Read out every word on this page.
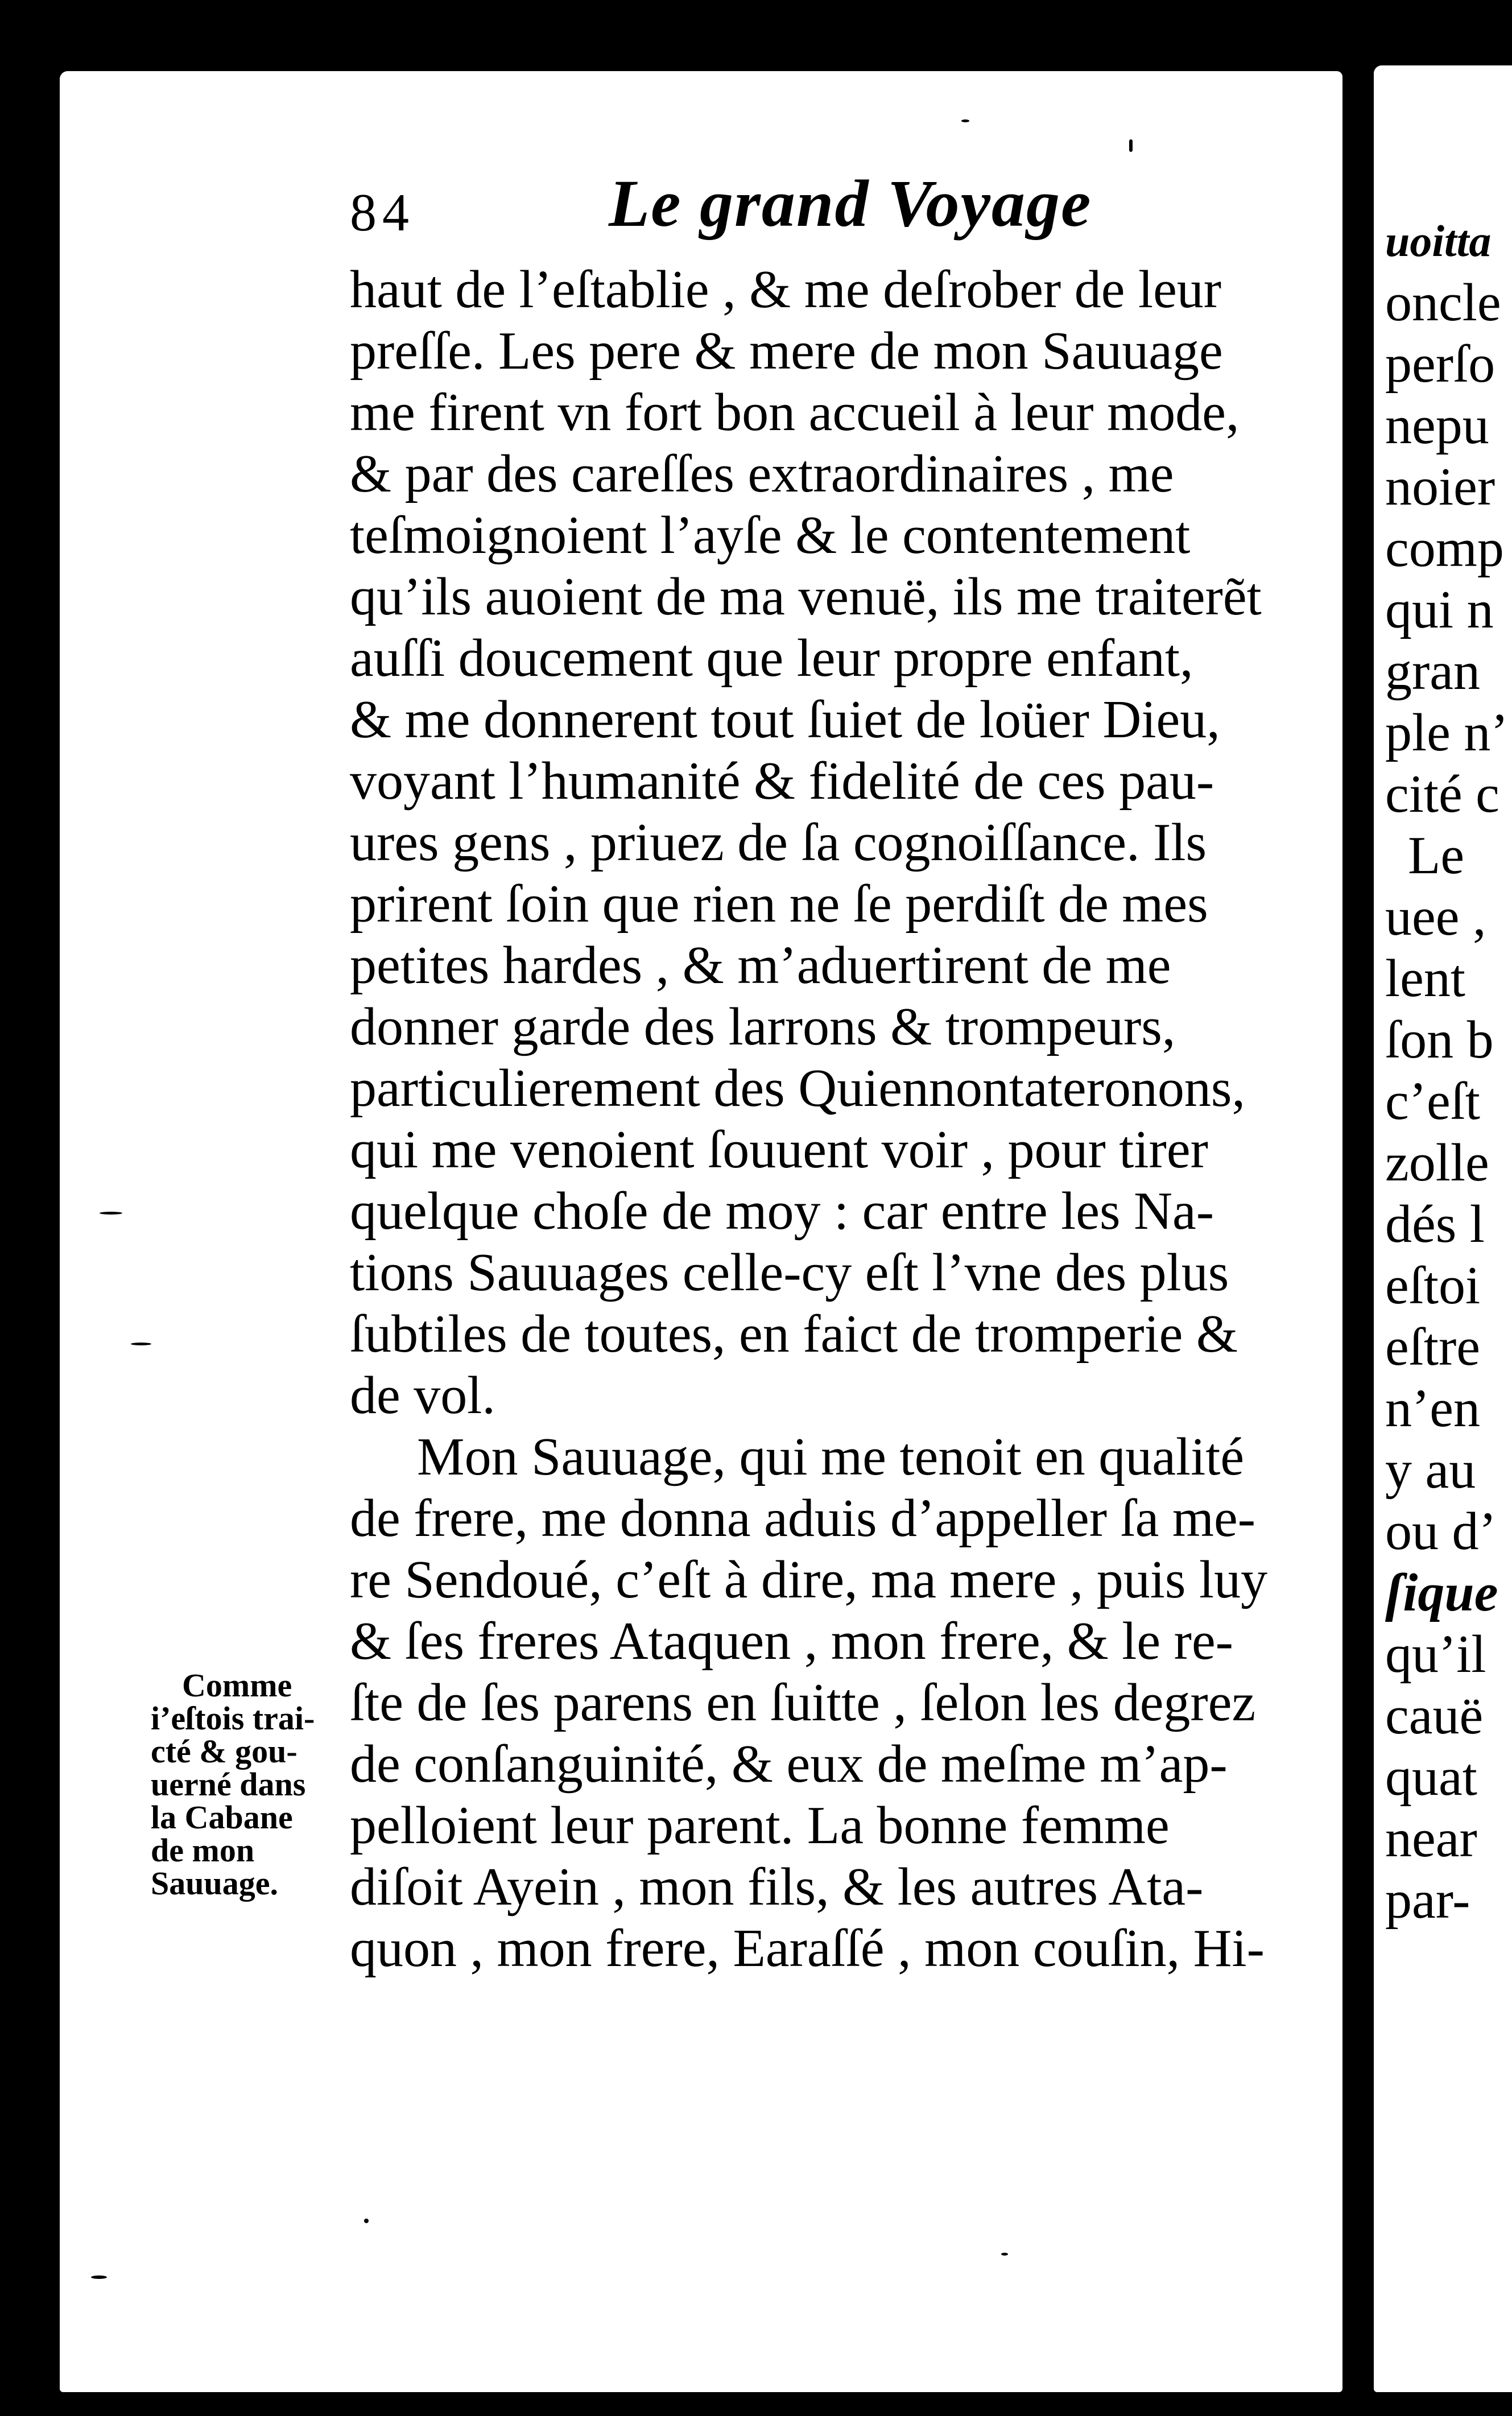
84	Le grand Voyage
haut de l’eſtablie , & me deſrober de leur
preſſe. Les pere & mere de mon Sauuage
me firent vn fort bon accueil à leur mode,
& par des careſſes extraordinaires , me
teſmoignoient l’ayſe & le contentement
qu’ils auoient de ma venuë, ils me traiterẽt
auſſi doucement que leur propre enfant,
& me donnerent tout ſuiet de loüer Dieu,
voyant l’humanité & fidelité de ces pau-
ures gens , priuez de ſa cognoiſſance. Ils
prirent ſoin que rien ne ſe perdiſt de mes
petites hardes , & m’aduertirent de me
donner garde des larrons & trompeurs,
particulierement des Quiennontateronons,
qui me venoient ſouuent voir , pour tirer
quelque choſe de moy : car entre les Na-
tions Sauuages celle-cy eſt l’vne des plus
ſubtiles de toutes, en faict de tromperie &
de vol.
Mon Sauuage, qui me tenoit en qualité
de frere, me donna aduis d’appeller ſa me-
re Sendoué, c’eſt à dire, ma mere , puis luy
& ſes freres Ataquen , mon frere, & le re-
ſte de ſes parens en ſuitte , ſelon les degrez
de conſanguinité, & eux de meſme m’ap-
pelloient leur parent. La bonne femme
diſoit Ayein , mon fils, & les autres Ata-
quon , mon frere, Earaſſé , mon couſin, Hi-
Comme
i’eſtois trai-
cté & gou-
uerné dans
la Cabane
de mon
Sauuage.
uoitta
oncle
perſo
nepu
noier
comp
qui n
gran
ple n’
cité c
Le
uee ,
lent
ſon b
c’eſt
zolle
dés l
eſtoi
eſtre
n’en
y au
ou d’
ſique
qu’il
cauë
quat
near
par-
